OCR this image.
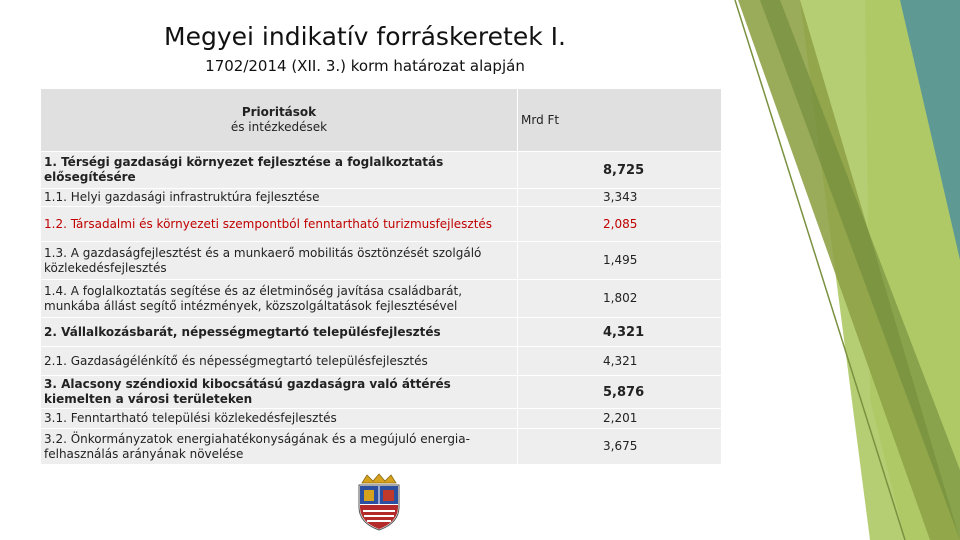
Megyei indikatív forráskeretek I.
1702/2014 (XII. 3.) korm határozat alapján
Prioritások
és intézkedések	Mrd Ft
1. Térségi gazdasági környezet fejlesztése a foglalkoztatás elősegítésére	8,725
1.1. Helyi gazdasági infrastruktúra fejlesztése	3,343
1.2. Társadalmi és környezeti szempontból fenntartható turizmusfejlesztés	2,085
1.3. A gazdaságfejlesztést és a munkaerő mobilitás ösztönzését szolgáló közlekedésfejlesztés	1,495
1.4. A foglalkoztatás segítése és az életminőség javítása családbarát, munkába állást segítő intézmények, közszolgáltatások fejlesztésével	1,802
2. Vállalkozásbarát, népességmegtartó településfejlesztés	4,321
2.1. Gazdaságélénkítő és népességmegtartó településfejlesztés	4,321
3. Alacsony széndioxid kibocsátású gazdaságra való áttérés kiemelten a városi területeken	5,876
3.1. Fenntartható települési közlekedésfejlesztés	2,201
3.2. Önkormányzatok energiahatékonyságának és a megújuló energia-felhasználás arányának növelése	3,675
